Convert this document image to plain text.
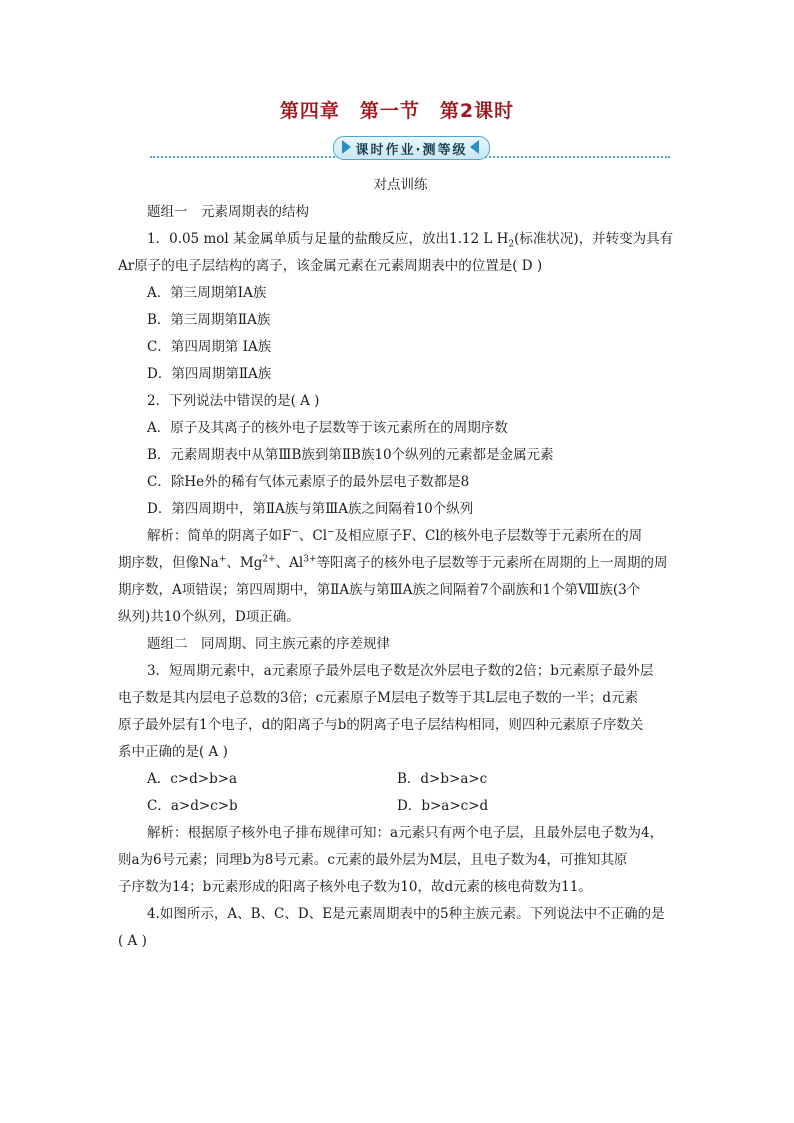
第四章 第一节 第2课时
课时作业·测等级

对点训练

题组一　元素周期表的结构

1．0.05 mol 某金属单质与足量的盐酸反应，放出1.12 L $H_2$(标准状况)，并转变为具有

Ar原子的电子层结构的离子，该金属元素在元素周期表中的位置是( D )

A．第三周期第ⅠA族

B．第三周期第ⅡA族

C．第四周期第 IA族

D．第四周期第ⅡA族

2．下列说法中错误的是( A )

A．原子及其离子的核外电子层数等于该元素所在的周期序数

B．元素周期表中从第ⅢB族到第ⅡB族10个纵列的元素都是金属元素

C．除He外的稀有气体元素原子的最外层电子数都是8

D．第四周期中，第ⅡA族与第ⅢA族之间隔着10个纵列

解析：简单的阴离子如F−、Cl−及相应原子F、Cl的核外电子层数等于元素所在的周

期序数，但像Na+、$Mg^{2+}$、$Al^{3+}$等阳离子的核外电子层数等于元素所在周期的上一周期的周

期序数，A项错误；第四周期中，第ⅡA族与第ⅢA族之间隔着7个副族和1个第Ⅷ族(3个

纵列)共10个纵列，D项正确。

题组二　同周期、同主族元素的序差规律

3．短周期元素中，a元素原子最外层电子数是次外层电子数的2倍；b元素原子最外层

电子数是其内层电子总数的3倍；c元素原子M层电子数等于其L层电子数的一半；d元素

原子最外层有1个电子，d的阳离子与b的阴离子电子层结构相同，则四种元素原子序数关

系中正确的是( A )

A．c>d>b>a	B．d>b>a>c
C．a>d>c>b	D．b>a>c>d

解析：根据原子核外电子排布规律可知：a元素只有两个电子层，且最外层电子数为4，

则a为6号元素；同理b为8号元素。c元素的最外层为M层，且电子数为4，可推知其原

子序数为14；b元素形成的阳离子核外电子数为10，故d元素的核电荷数为11。

4.如图所示，A、B、C、D、E是元素周期表中的5种主族元素。下列说法中不正确的是

( A )
